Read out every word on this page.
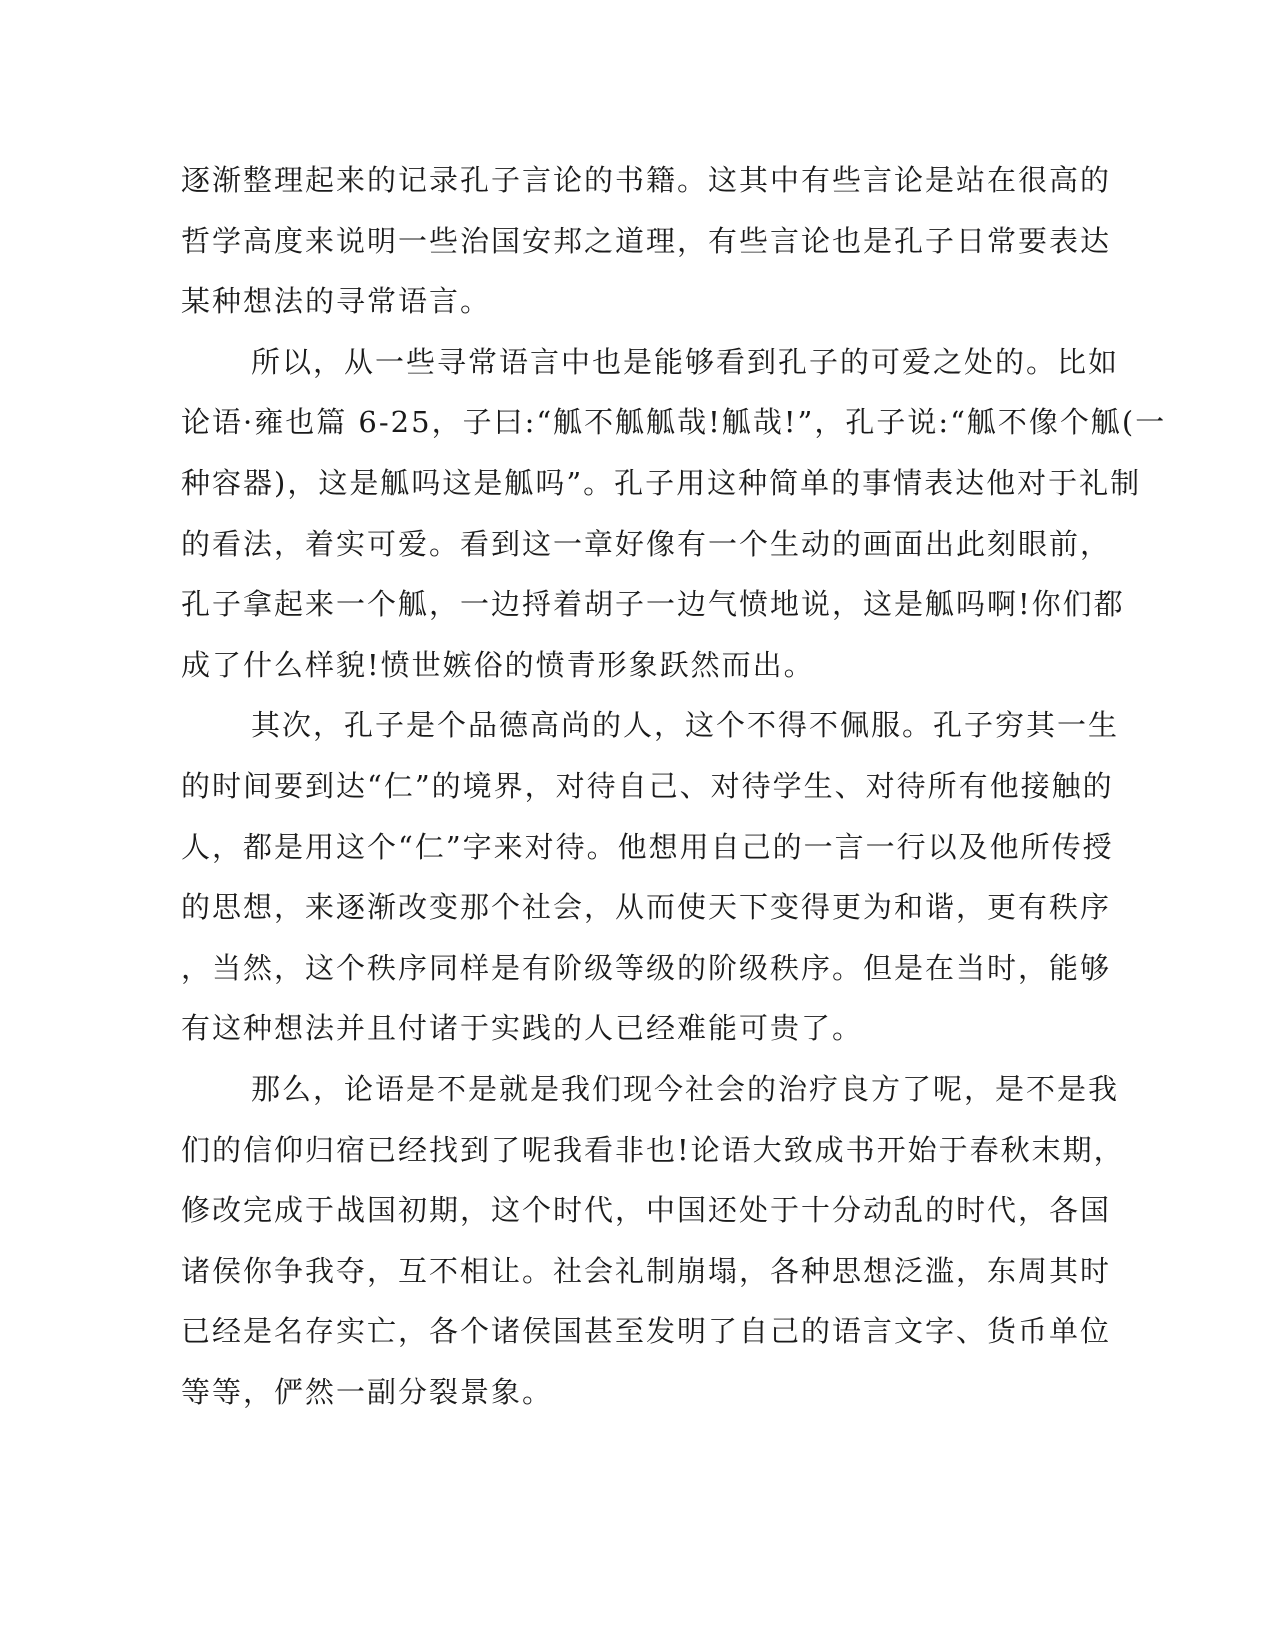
逐渐整理起来的记录孔子言论的书籍。这其中有些言论是站在很高的
哲学高度来说明一些治国安邦之道理，有些言论也是孔子日常要表达
某种想法的寻常语言。
所以，从一些寻常语言中也是能够看到孔子的可爱之处的。比如
论语·雍也篇 6-25，子曰:“觚不觚觚哉!觚哉!”，孔子说:“觚不像个觚(一
种容器)，这是觚吗这是觚吗”。孔子用这种简单的事情表达他对于礼制
的看法，着实可爱。看到这一章好像有一个生动的画面出此刻眼前，
孔子拿起来一个觚，一边捋着胡子一边气愤地说，这是觚吗啊!你们都
成了什么样貌!愤世嫉俗的愤青形象跃然而出。
其次，孔子是个品德高尚的人，这个不得不佩服。孔子穷其一生
的时间要到达“仁”的境界，对待自己、对待学生、对待所有他接触的
人，都是用这个“仁”字来对待。他想用自己的一言一行以及他所传授
的思想，来逐渐改变那个社会，从而使天下变得更为和谐，更有秩序
，当然，这个秩序同样是有阶级等级的阶级秩序。但是在当时，能够
有这种想法并且付诸于实践的人已经难能可贵了。
那么，论语是不是就是我们现今社会的治疗良方了呢，是不是我
们的信仰归宿已经找到了呢我看非也!论语大致成书开始于春秋末期，
修改完成于战国初期，这个时代，中国还处于十分动乱的时代，各国
诸侯你争我夺，互不相让。社会礼制崩塌，各种思想泛滥，东周其时
已经是名存实亡，各个诸侯国甚至发明了自己的语言文字、货币单位
等等，俨然一副分裂景象。
